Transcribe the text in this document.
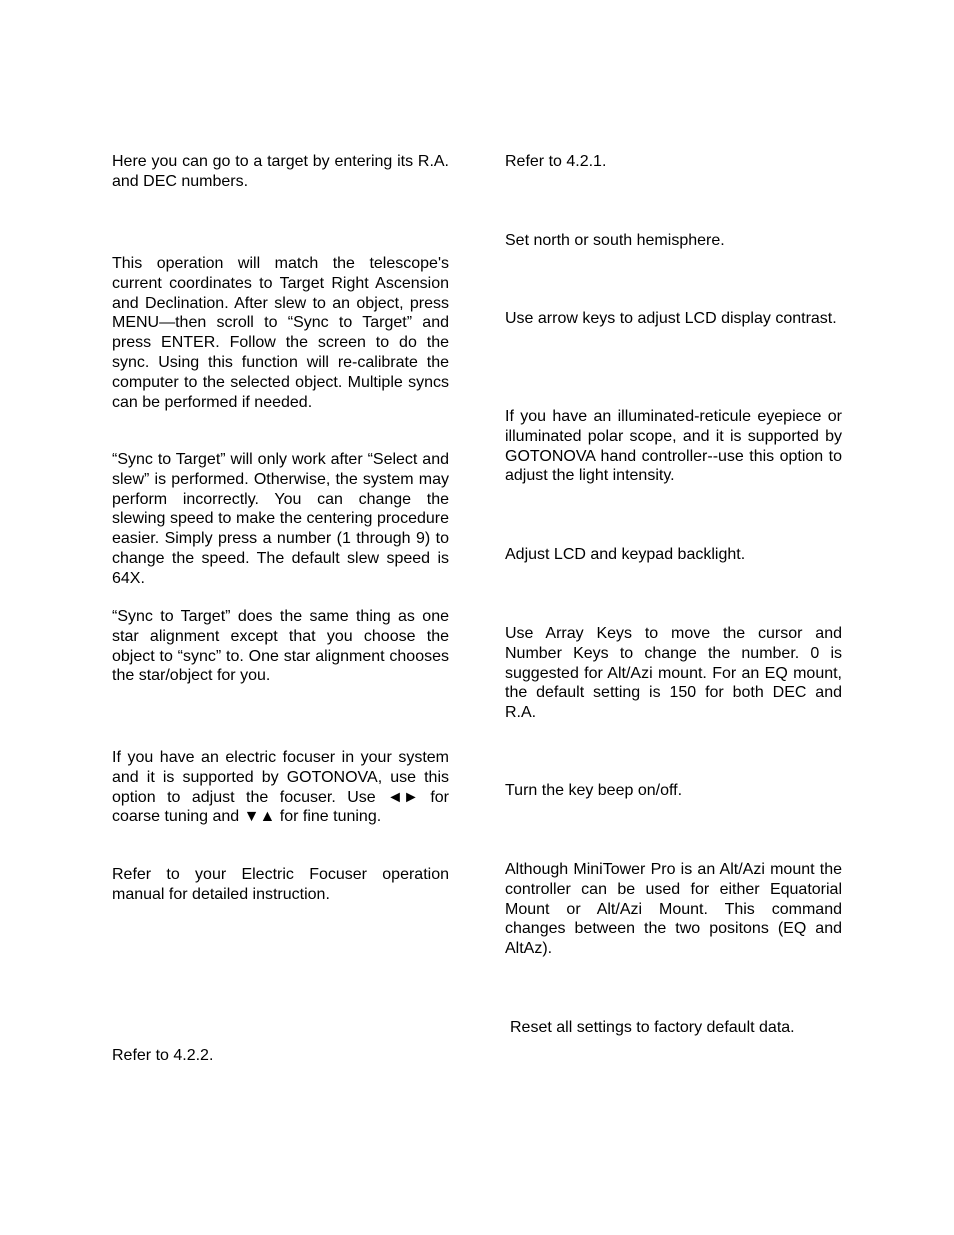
Here you can go to a target by entering its R.A. and DEC numbers.

This operation will match the telescope's current coordinates to Target Right Ascension and Declination. After slew to an object, press MENU—then scroll to “Sync to Target” and press ENTER. Follow the screen to do the sync. Using this function will re-calibrate the computer to the selected object. Multiple syncs can be performed if needed.

“Sync to Target” will only work after “Select and slew” is performed. Otherwise, the system may perform incorrectly. You can change the slewing speed to make the centering procedure easier. Simply press a number (1 through 9) to change the speed. The default slew speed is 64X.

“Sync to Target” does the same thing as one star alignment except that you choose the object to “sync” to. One star alignment chooses the star/object for you.

If you have an electric focuser in your system and it is supported by GOTONOVA, use this option to adjust the focuser. Use ◄► for coarse tuning and ▼▲ for fine tuning.

Refer to your Electric Focuser operation manual for detailed instruction.

Refer to 4.2.2.

Refer to 4.2.1.

Set north or south hemisphere.

Use arrow keys to adjust LCD display contrast.

If you have an illuminated-reticule eyepiece or illuminated polar scope, and it is supported by GOTONOVA hand controller--use this option to adjust the light intensity.

Adjust LCD and keypad backlight.

Use Array Keys to move the cursor and Number Keys to change the number. 0 is suggested for Alt/Azi mount. For an EQ mount, the default setting is 150 for both DEC and R.A.

Turn the key beep on/off.

Although MiniTower Pro is an Alt/Azi mount the controller can be used for either Equatorial Mount or Alt/Azi Mount. This command changes between the two positons (EQ and AltAz).

Reset all settings to factory default data.
